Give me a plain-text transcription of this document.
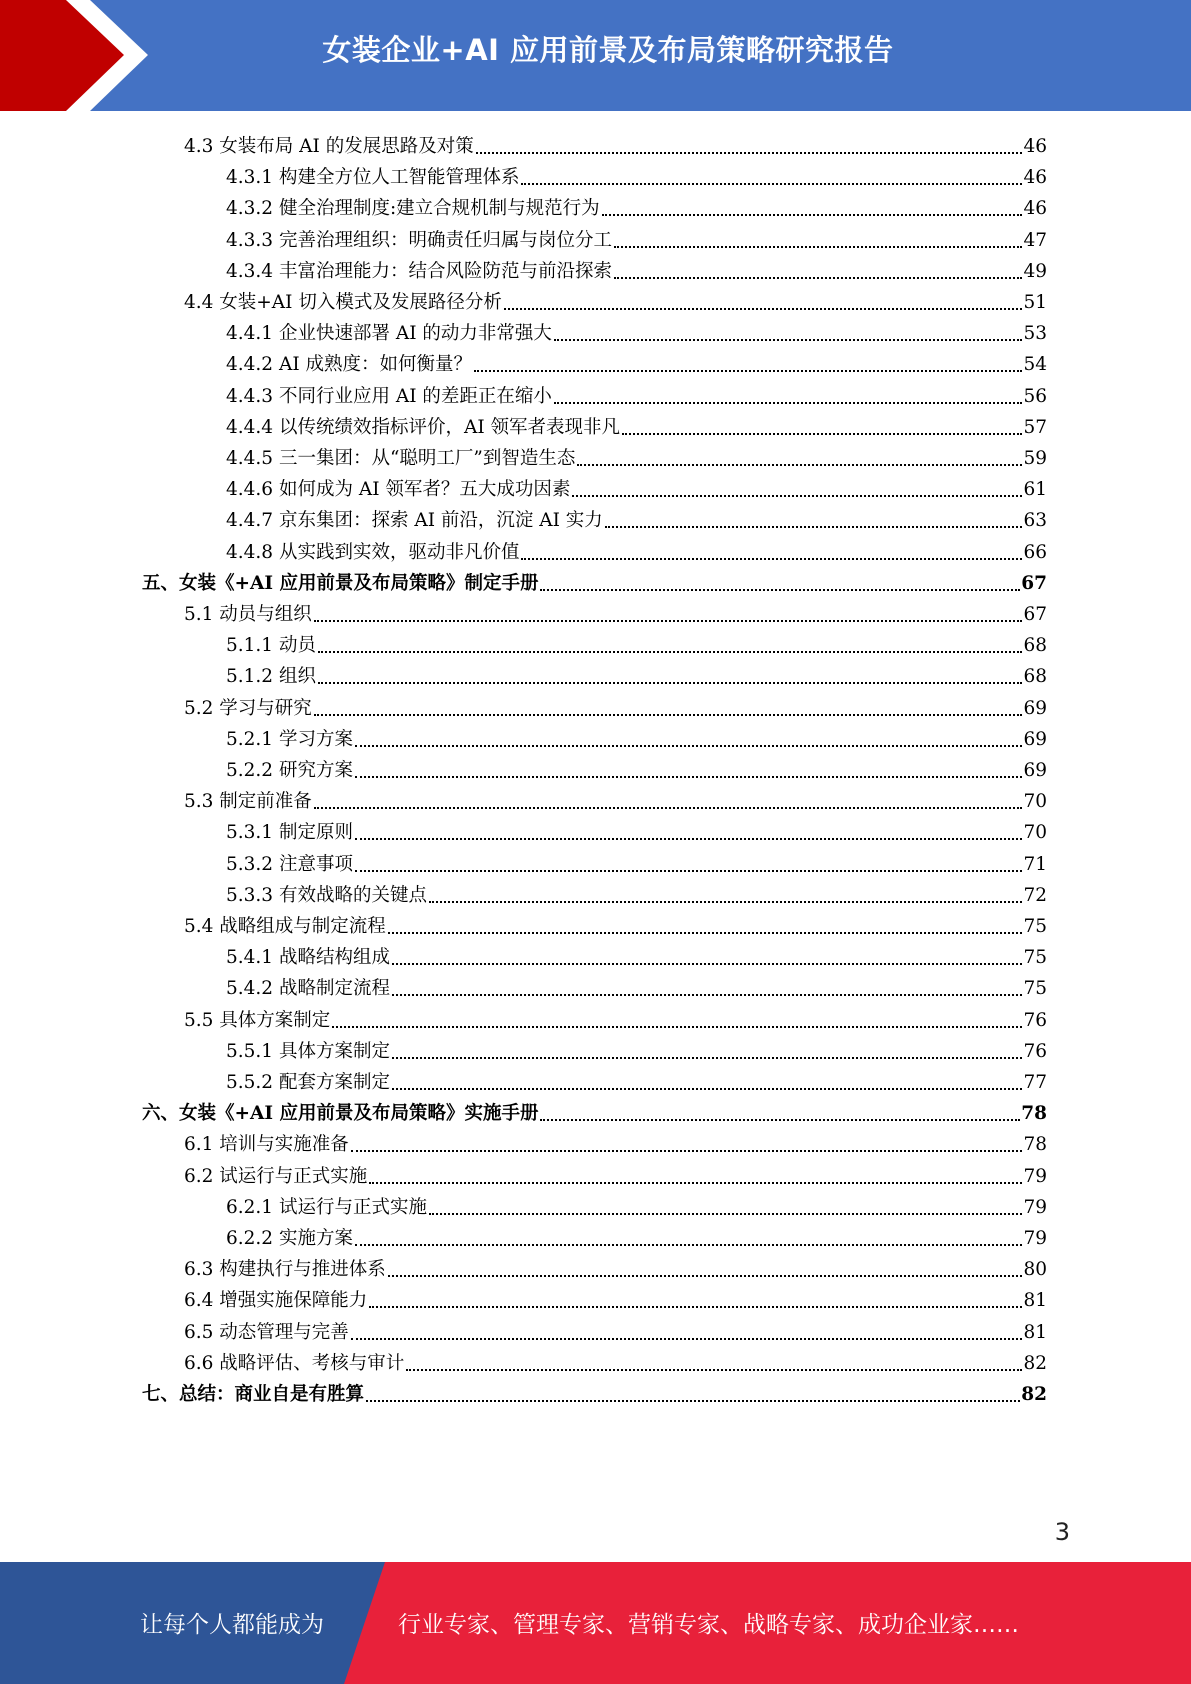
女装企业+AI 应用前景及布局策略研究报告
4.3 女装布局 AI 的发展思路及对策	46
4.3.1 构建全方位人工智能管理体系	46
4.3.2 健全治理制度:建立合规机制与规范行为	46
4.3.3 完善治理组织：明确责任归属与岗位分工	47
4.3.4 丰富治理能力：结合风险防范与前沿探索	49
4.4 女装+AI 切入模式及发展路径分析	51
4.4.1 企业快速部署 AI 的动力非常强大	53
4.4.2 AI 成熟度：如何衡量？	54
4.4.3 不同行业应用 AI 的差距正在缩小	56
4.4.4 以传统绩效指标评价，AI 领军者表现非凡	57
4.4.5 三一集团：从“聪明工厂”到智造生态	59
4.4.6 如何成为 AI 领军者？五大成功因素	61
4.4.7 京东集团：探索 AI 前沿，沉淀 AI 实力	63
4.4.8 从实践到实效，驱动非凡价值	66
五、女装《+AI 应用前景及布局策略》制定手册	67
5.1 动员与组织	67
5.1.1 动员	68
5.1.2 组织	68
5.2 学习与研究	69
5.2.1 学习方案	69
5.2.2 研究方案	69
5.3 制定前准备	70
5.3.1 制定原则	70
5.3.2 注意事项	71
5.3.3 有效战略的关键点	72
5.4 战略组成与制定流程	75
5.4.1 战略结构组成	75
5.4.2 战略制定流程	75
5.5 具体方案制定	76
5.5.1 具体方案制定	76
5.5.2 配套方案制定	77
六、女装《+AI 应用前景及布局策略》实施手册	78
6.1 培训与实施准备	78
6.2 试运行与正式实施	79
6.2.1 试运行与正式实施	79
6.2.2 实施方案	79
6.3 构建执行与推进体系	80
6.4 增强实施保障能力	81
6.5 动态管理与完善	81
6.6 战略评估、考核与审计	82
七、总结：商业自是有胜算	82
3
让每个人都能成为	行业专家、管理专家、营销专家、战略专家、成功企业家……
